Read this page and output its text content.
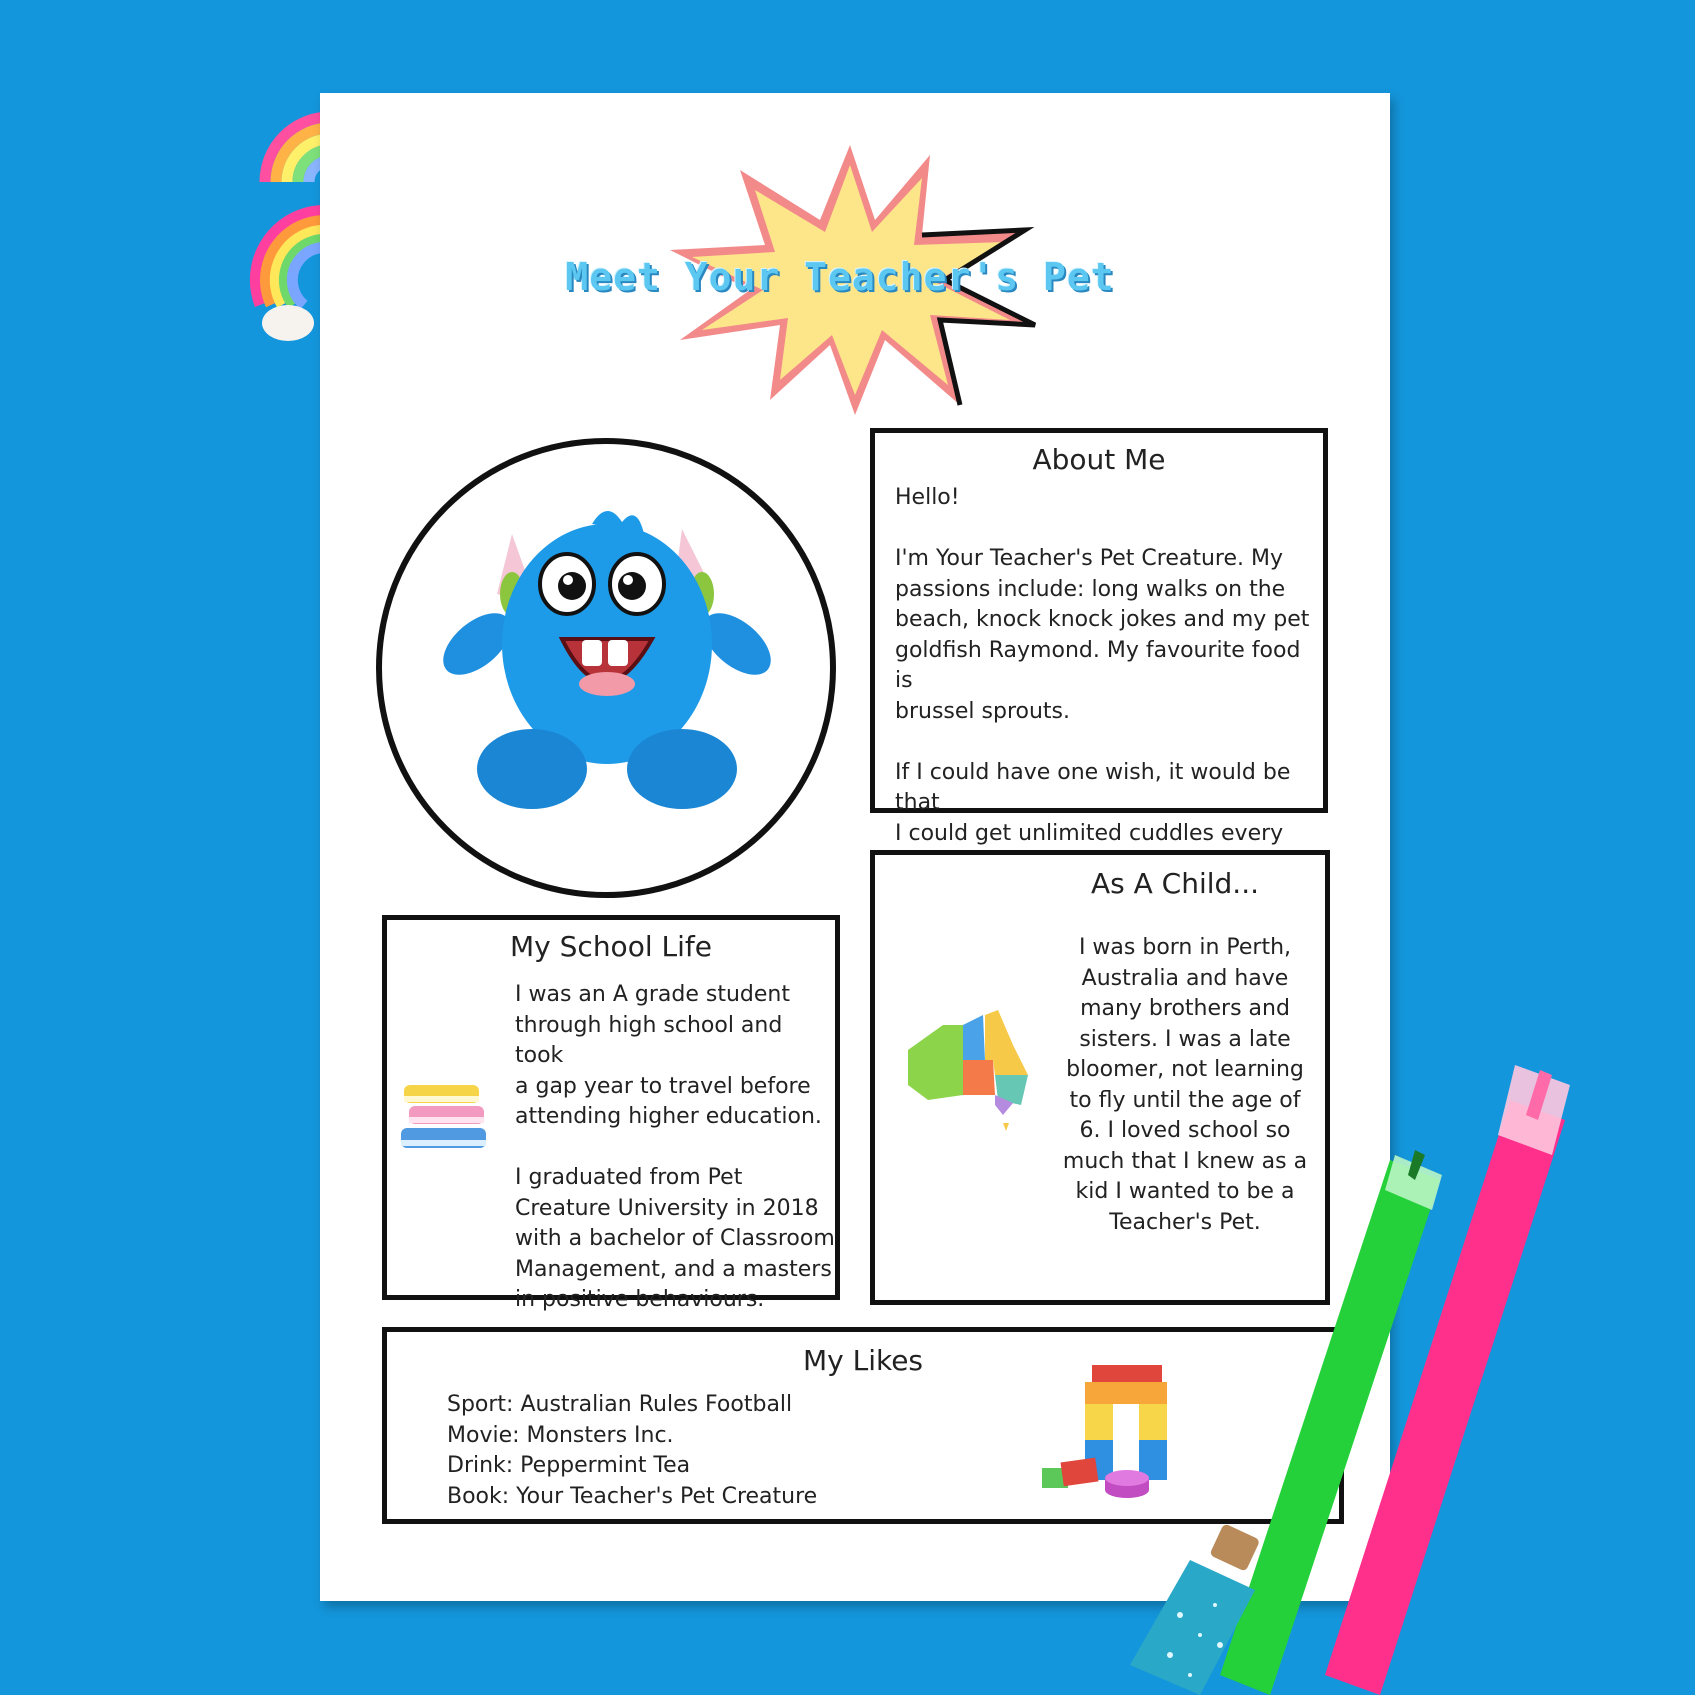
Meet Your Teacher's Pet
About Me
Hello!

I'm Your Teacher's Pet Creature. My
passions include: long walks on the
beach, knock knock jokes and my pet
goldfish Raymond. My favourite food is
brussel sprouts.

If I could have one wish, it would be that
I could get unlimited cuddles every
My School Life
I was an A grade student
through high school and took
a gap year to travel before
attending higher education.

I graduated from Pet
Creature University in 2018
with a bachelor of Classroom
Management, and a masters
in positive behaviours.
As A Child...
I was born in Perth,
Australia and have
many brothers and
sisters. I was a late
bloomer, not learning
to fly until the age of
6. I loved school so
much that I knew as a
kid I wanted to be a
Teacher's Pet.
My Likes
Sport: Australian Rules Football
Movie: Monsters Inc.
Drink: Peppermint Tea
Book: Your Teacher's Pet Creature
